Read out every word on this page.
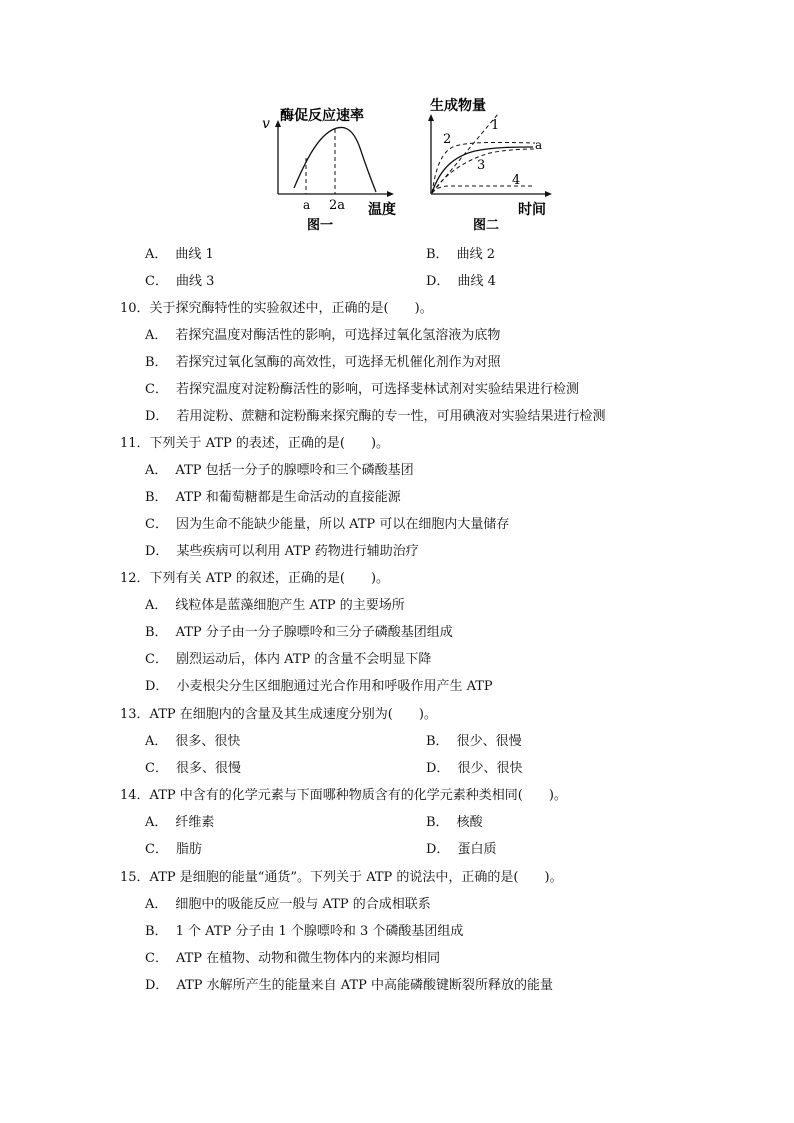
酶促反应速率
v
a 2a 温度
图一
生成物量
1
2
3
4
a
时间
图二
A． 曲线 1	B． 曲线 2
C． 曲线 3	D． 曲线 4
10．关于探究酶特性的实验叙述中，正确的是(　　)。
A． 若探究温度对酶活性的影响，可选择过氧化氢溶液为底物
B． 若探究过氧化氢酶的高效性，可选择无机催化剂作为对照
C． 若探究温度对淀粉酶活性的影响，可选择斐林试剂对实验结果进行检测
D． 若用淀粉、蔗糖和淀粉酶来探究酶的专一性，可用碘液对实验结果进行检测
11．下列关于 ATP 的表述，正确的是(　　)。
A． ATP 包括一分子的腺嘌呤和三个磷酸基团
B． ATP 和葡萄糖都是生命活动的直接能源
C． 因为生命不能缺少能量，所以 ATP 可以在细胞内大量储存
D． 某些疾病可以利用 ATP 药物进行辅助治疗
12．下列有关 ATP 的叙述，正确的是(　　)。
A． 线粒体是蓝藻细胞产生 ATP 的主要场所
B． ATP 分子由一分子腺嘌呤和三分子磷酸基团组成
C． 剧烈运动后，体内 ATP 的含量不会明显下降
D． 小麦根尖分生区细胞通过光合作用和呼吸作用产生 ATP
13．ATP 在细胞内的含量及其生成速度分别为(　　)。
A． 很多、很快	B． 很少、很慢
C． 很多、很慢	D． 很少、很快
14．ATP 中含有的化学元素与下面哪种物质含有的化学元素种类相同(　　)。
A． 纤维素	B． 核酸
C． 脂肪	D． 蛋白质
15．ATP 是细胞的能量“通货”。下列关于 ATP 的说法中，正确的是(　　)。
A． 细胞中的吸能反应一般与 ATP 的合成相联系
B． 1 个 ATP 分子由 1 个腺嘌呤和 3 个磷酸基团组成
C． ATP 在植物、动物和微生物体内的来源均相同
D． ATP 水解所产生的能量来自 ATP 中高能磷酸键断裂所释放的能量
